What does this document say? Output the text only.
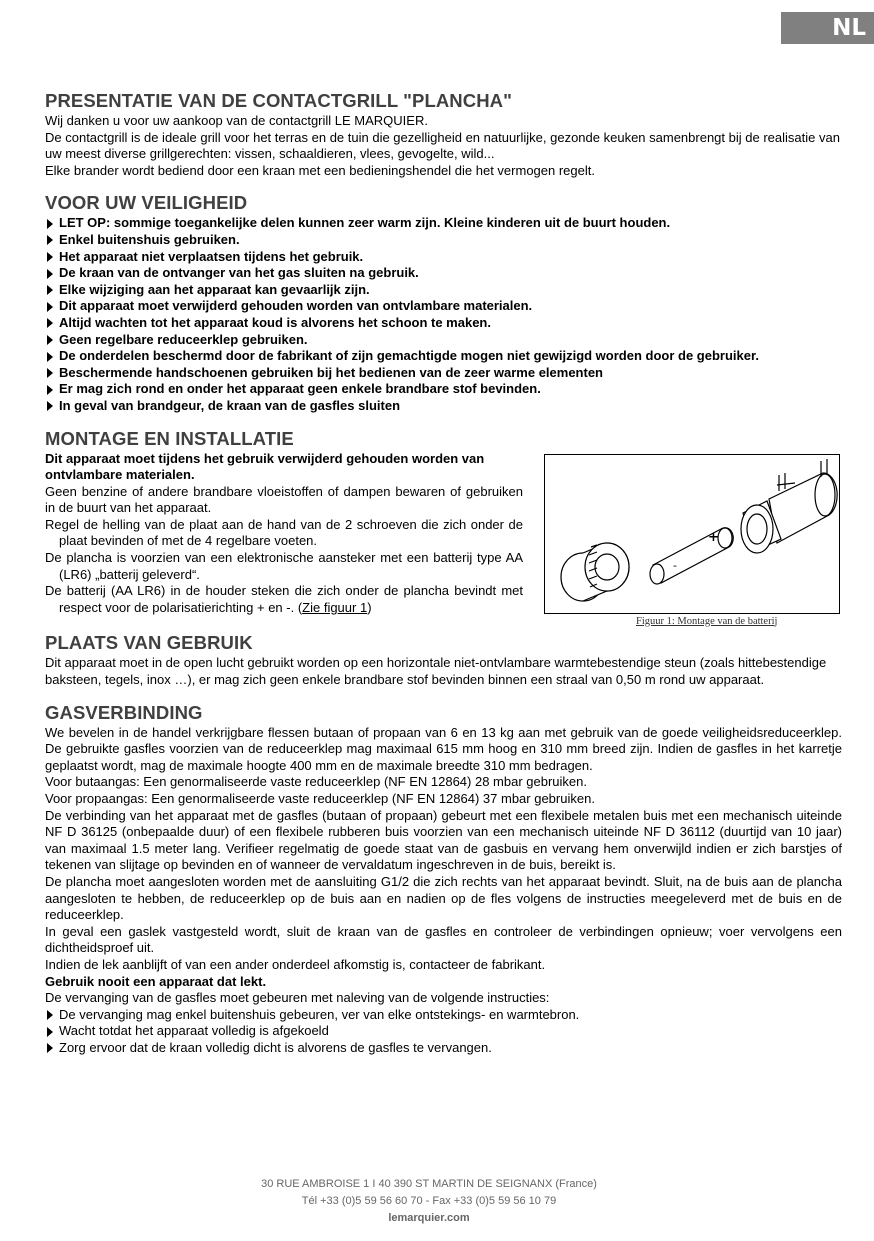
NL
PRESENTATIE VAN DE CONTACTGRILL "PLANCHA"

Wij danken u voor uw aankoop van de contactgrill LE MARQUIER.

De contactgrill is de ideale grill voor het terras en de tuin die gezelligheid en natuurlijke, gezonde keuken samenbrengt bij de realisatie van uw meest diverse grillgerechten: vissen, schaaldieren, vlees, gevogelte, wild...

Elke brander wordt bediend door een kraan met een bedieningshendel die het vermogen regelt.

VOOR UW VEILIGHEID
LET OP: sommige toegankelijke delen kunnen zeer warm zijn. Kleine kinderen uit de buurt houden.
Enkel buitenshuis gebruiken.
Het apparaat niet verplaatsen tijdens het gebruik.
De kraan van de ontvanger van het gas sluiten na gebruik.
Elke wijziging aan het apparaat kan gevaarlijk zijn.
Dit apparaat moet verwijderd gehouden worden van ontvlambare materialen.
Altijd wachten tot het apparaat koud is alvorens het schoon te maken.
Geen regelbare reduceerklep gebruiken.
De onderdelen beschermd door de fabrikant of zijn gemachtigde mogen niet gewijzigd worden door de gebruiker.
Beschermende handschoenen gebruiken bij het bedienen van de zeer warme elementen
Er mag zich rond en onder het apparaat geen enkele brandbare stof bevinden.
In geval van brandgeur, de kraan van de gasfles sluiten
MONTAGE EN INSTALLATIE

Dit apparaat moet tijdens het gebruik verwijderd gehouden worden van ontvlambare materialen.

Geen benzine of andere brandbare vloeistoffen of dampen bewaren of gebruiken in de buurt van het apparaat.

Regel de helling van de plaat aan de hand van de 2 schroeven die zich onder de plaat bevinden of met de 4 regelbare voeten.

De plancha is voorzien van een elektronische aansteker met een batterij type AA (LR6) „batterij geleverd“.

De batterij (AA LR6) in de houder steken die zich onder de plancha bevindt met respect voor de polarisatierichting + en -. (Zie figuur 1)

-
+
Figuur 1: Montage van de batterij
PLAATS VAN GEBRUIK

Dit apparaat moet in de open lucht gebruikt worden op een horizontale niet-ontvlambare warmtebestendige steun (zoals hittebestendige baksteen, tegels, inox …), er mag zich geen enkele brandbare stof bevinden binnen een straal van 0,50 m rond uw apparaat.

GASVERBINDING

We bevelen in de handel verkrijgbare flessen butaan of propaan van 6 en 13 kg aan met gebruik van de goede veiligheidsreduceerklep. De gebruikte gasfles voorzien van de reduceerklep mag maximaal 615 mm hoog en 310 mm breed zijn. Indien de gasfles in het karretje geplaatst wordt, mag de maximale hoogte 400 mm en de maximale breedte 310 mm bedragen.

Voor butaangas: Een genormaliseerde vaste reduceerklep (NF EN 12864) 28 mbar gebruiken.

Voor propaangas: Een genormaliseerde vaste reduceerklep (NF EN 12864) 37 mbar gebruiken.

De verbinding van het apparaat met de gasfles (butaan of propaan) gebeurt met een flexibele metalen buis met een mechanisch uiteinde NF D 36125 (onbepaalde duur) of een flexibele rubberen buis voorzien van een mechanisch uiteinde NF D 36112 (duurtijd van 10 jaar) van maximaal 1.5 meter lang. Verifieer regelmatig de goede staat van de gasbuis en vervang hem onverwijld indien er zich barstjes of tekenen van slijtage op bevinden en of wanneer de vervaldatum ingeschreven in de buis, bereikt is.

De plancha moet aangesloten worden met de aansluiting G1/2 die zich rechts van het apparaat bevindt. Sluit, na de buis aan de plancha aangesloten te hebben, de reduceerklep op de buis aan en nadien op de fles volgens de instructies meegeleverd met de buis en de reduceerklep.

In geval een gaslek vastgesteld wordt, sluit de kraan van de gasfles en controleer de verbindingen opnieuw; voer vervolgens een dichtheidsproef uit.

Indien de lek aanblijft of van een ander onderdeel afkomstig is, contacteer de fabrikant.

Gebruik nooit een apparaat dat lekt.

De vervanging van de gasfles moet gebeuren met naleving van de volgende instructies:

De vervanging mag enkel buitenshuis gebeuren, ver van elke ontstekings- en warmtebron.
Wacht totdat het apparaat volledig is afgekoeld
Zorg ervoor dat de kraan volledig dicht is alvorens de gasfles te vervangen.
30 RUE AMBROISE 1 I 40 390 ST MARTIN DE SEIGNANX (France)
Tél +33 (0)5 59 56 60 70 - Fax +33 (0)5 59 56 10 79
lemarquier.com
